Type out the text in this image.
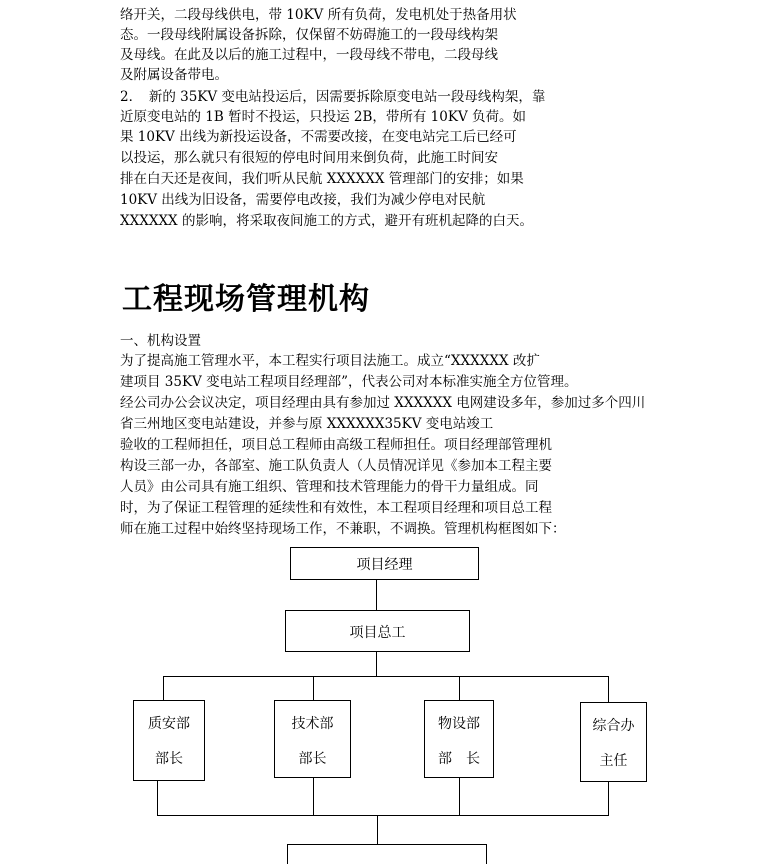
络开关，二段母线供电，带 10KV 所有负荷，发电机处于热备用状
态。一段母线附属设备拆除，仅保留不妨碍施工的一段母线构架
及母线。在此及以后的施工过程中，一段母线不带电，二段母线
及附属设备带电。
2．　新的 35KV 变电站投运后，因需要拆除原变电站一段母线构架，靠
近原变电站的 1B 暂时不投运，只投运 2B，带所有 10KV 负荷。如
果 10KV 出线为新投运设备，不需要改接，在变电站完工后已经可
以投运，那么就只有很短的停电时间用来倒负荷，此施工时间安
排在白天还是夜间，我们听从民航 XXXXXX 管理部门的安排；如果
10KV 出线为旧设备，需要停电改接，我们为减少停电对民航
XXXXXX 的影响，将采取夜间施工的方式，避开有班机起降的白天。
工程现场管理机构
一、机构设置
为了提高施工管理水平，本工程实行项目法施工。成立“XXXXXX 改扩
建项目 35KV 变电站工程项目经理部”，代表公司对本标准实施全方位管理。
经公司办公会议决定，项目经理由具有参加过 XXXXXX 电网建设多年，参加过多个四川
省三州地区变电站建设，并参与原 XXXXXX35KV 变电站竣工
验收的工程师担任，项目总工程师由高级工程师担任。项目经理部管理机
构设三部一办，各部室、施工队负责人（人员情况详见《参加本工程主要
人员》由公司具有施工组织、管理和技术管理能力的骨干力量组成。同
时，为了保证工程管理的延续性和有效性，本工程项目经理和项目总工程
师在施工过程中始终坚持现场工作，不兼职，不调换。管理机构框图如下：
项目经理
项目总工
质安部
部长
技术部
部长
物设部
部　长
综合办
主任
